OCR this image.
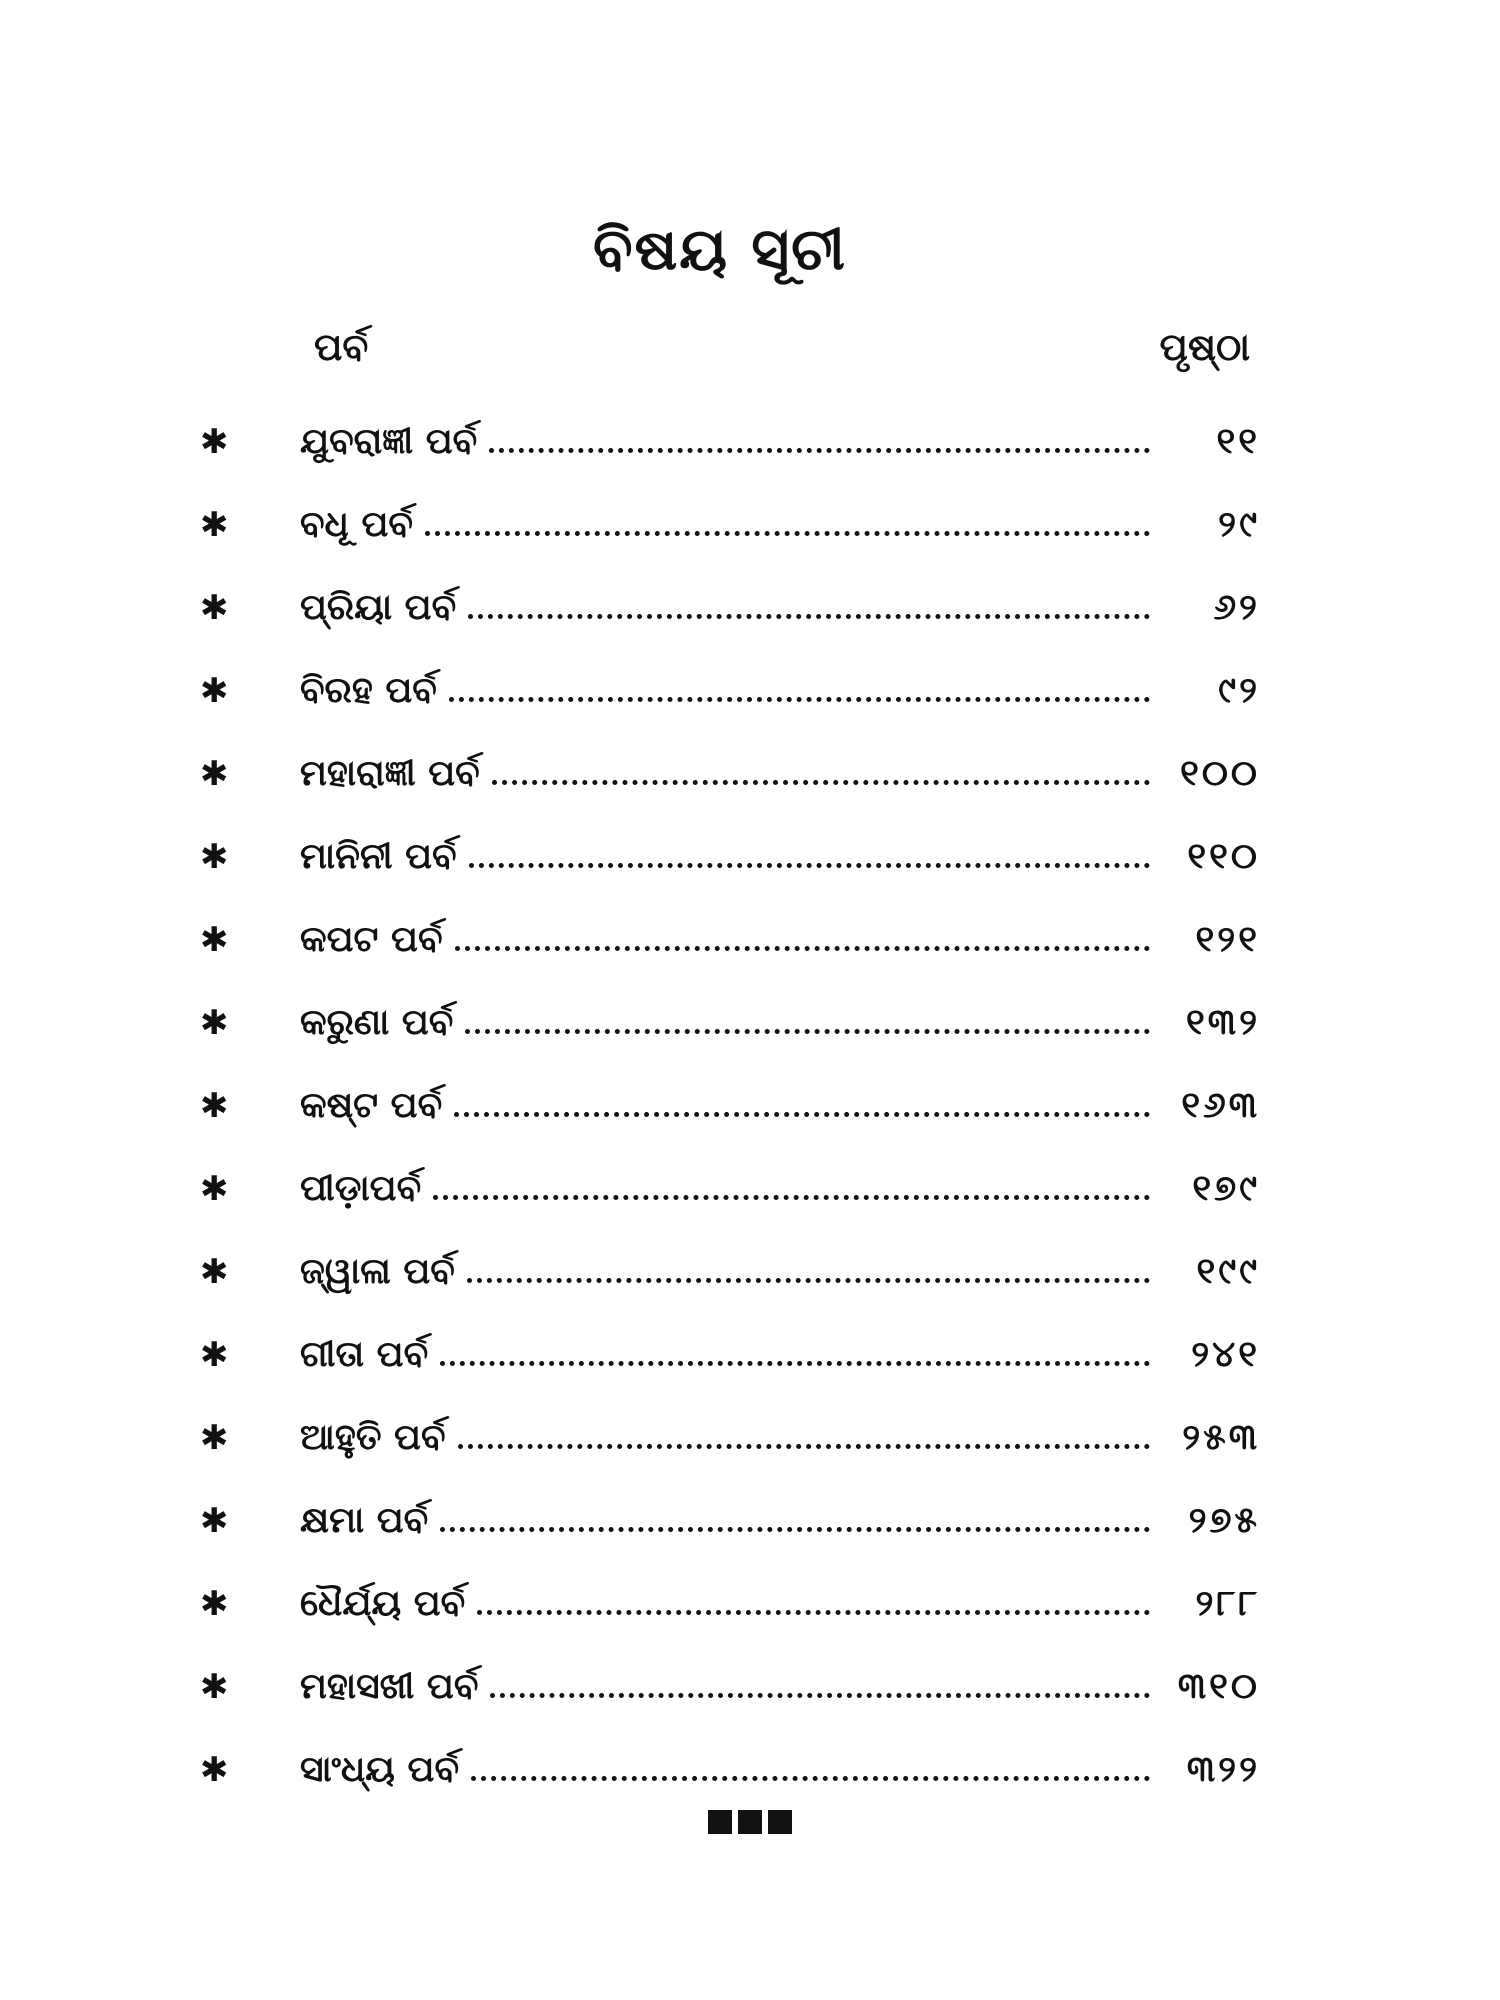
ବିଷୟ ସୂଚୀ
ପର୍ବ	ପୃଷ୍ଠା
✱	ଯୁବରାଜ୍ଞୀ ପର୍ବ	୧୧
✱	ବଧୂ ପର୍ବ	୨୯
✱	ପ୍ରିୟା ପର୍ବ	୬୨
✱	ବିରହ ପର୍ବ	୯୨
✱	ମହାରାଜ୍ଞୀ ପର୍ବ	୧୦୦
✱	ମାନିନୀ ପର୍ବ	୧୧୦
✱	କପଟ ପର୍ବ	୧୨୧
✱	କରୁଣା ପର୍ବ	୧୩୨
✱	କଷ୍ଟ ପର୍ବ	୧୬୩
✱	ପୀଡ଼ାପର୍ବ	୧୭୯
✱	ଜ୍ୱାଳା ପର୍ବ	୧୯୯
✱	ଗୀତା ପର୍ବ	୨୪୧
✱	ଆହୁତି ପର୍ବ	୨୫୩
✱	କ୍ଷମା ପର୍ବ	୨୭୫
✱	ଧୈର୍ଯ୍ୟ ପର୍ବ	୨୮୮
✱	ମହାସଖୀ ପର୍ବ	୩୧୦
✱	ସାଂଧ୍ୟ ପର୍ବ	୩୨୨
